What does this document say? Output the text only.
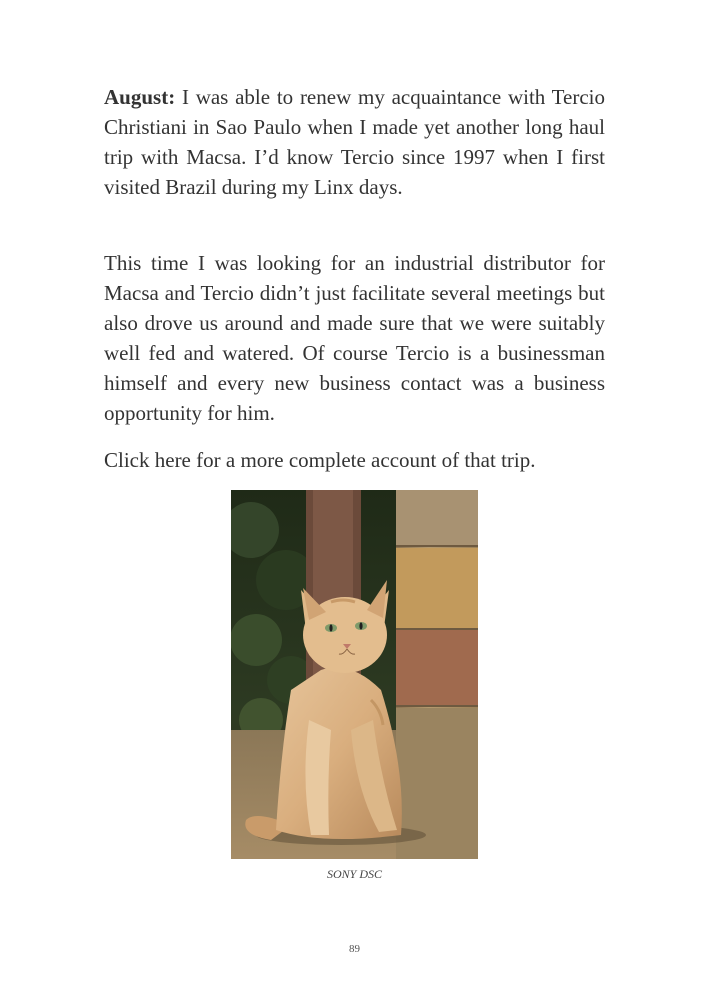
August: I was able to renew my acquaintance with Tercio Christiani in Sao Paulo when I made yet another long haul trip with Macsa. I’d know Tercio since 1997 when I first visited Brazil during my Linx days.
This time I was looking for an industrial distributor for Macsa and Tercio didn’t just facilitate several meetings but also drove us around and made sure that we were suitably well fed and watered. Of course Tercio is a businessman himself and every new business contact was a business opportunity for him.
Click here for a more complete account of that trip.
SONY DSC
89
